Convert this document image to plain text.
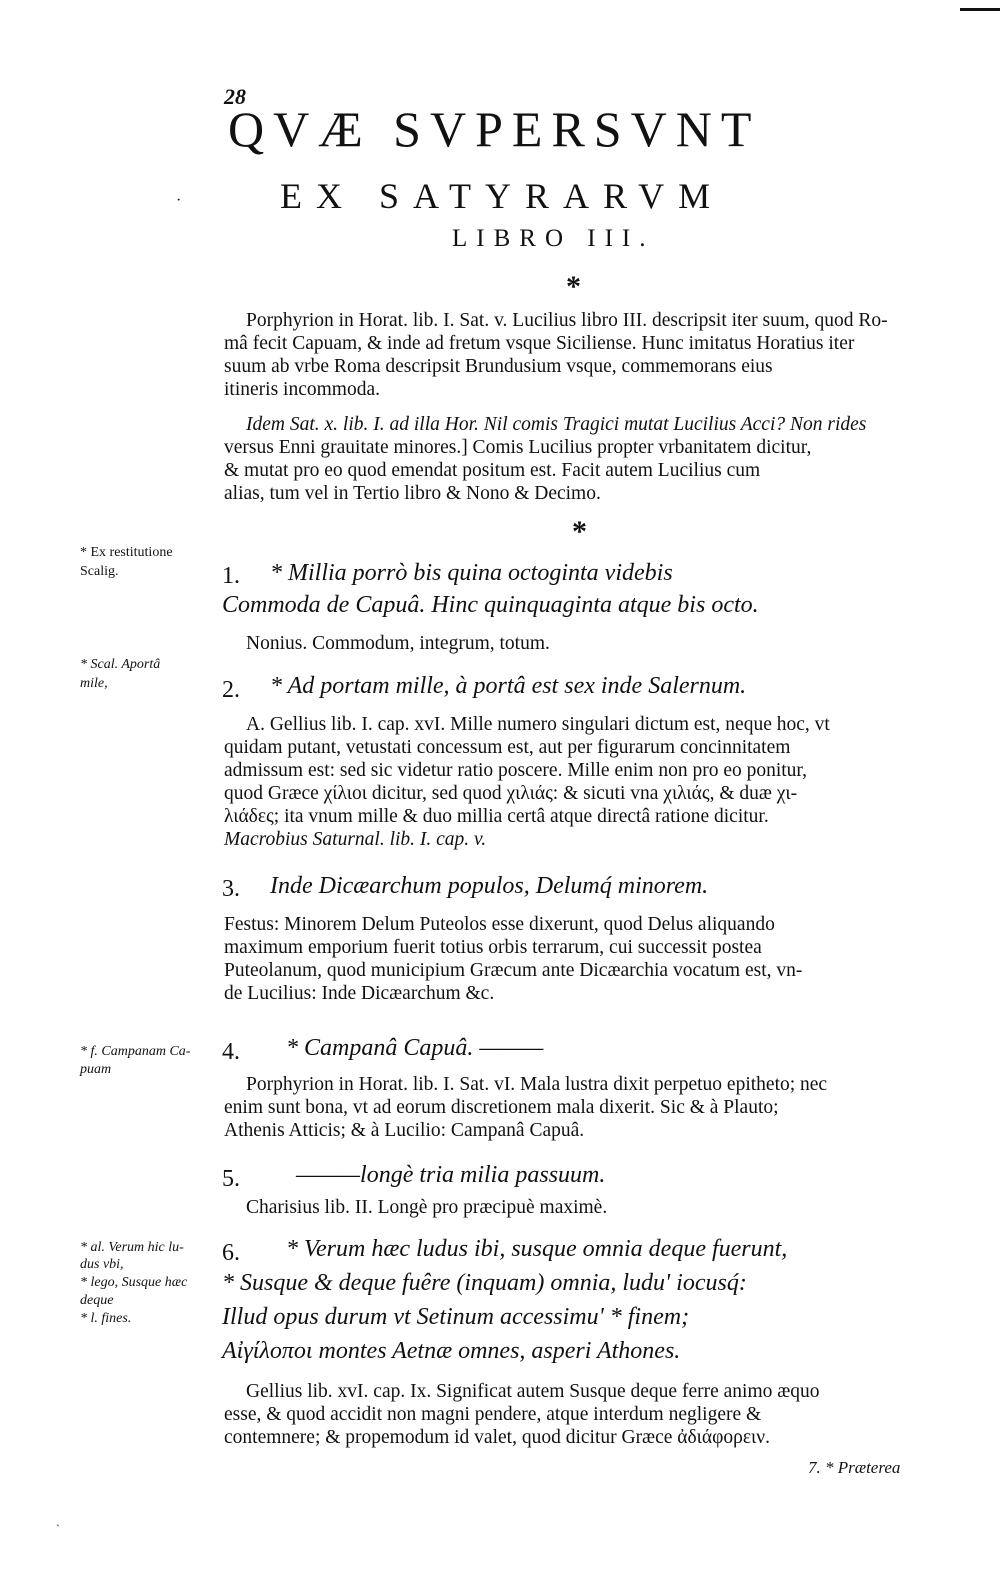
·
28
QVÆ SVPERSVNT
EX SATYRARVM
LIBRO III.
*
Porphyrion in Horat. lib. I. Sat. v. Lucilius libro III. descripsit iter suum, quod Ro-
mâ fecit Capuam, & inde ad fretum vsque Siciliense. Hunc imitatus Horatius iter
suum ab vrbe Roma descripsit Brundusium vsque, commemorans eius
itineris incommoda.
Idem Sat. x. lib. I. ad illa Hor. Nil comis Tragici mutat Lucilius Acci? Non rides
versus Enni grauitate minores.] Comis Lucilius propter vrbanitatem dicitur,
& mutat pro eo quod emendat positum est. Facit autem Lucilius cum
alias, tum vel in Tertio libro & Nono & Decimo.
*
* Ex restitutione
Scalig.
* Scal. Aportâ
mile,
* f. Campanam Ca-
puam
* al. Verum hic lu-
dus vbi,
* lego, Susque hæc
deque
* l. fines.
1. * Millia porrò bis quina octoginta videbis
Commoda de Capuâ. Hinc quinquaginta atque bis octo.
Nonius. Commodum, integrum, totum.
2. * Ad portam mille, à portâ est sex inde Salernum.
A. Gellius lib. I. cap. xvI. Mille numero singulari dictum est, neque hoc, vt
quidam putant, vetustati concessum est, aut per figurarum concinnitatem
admissum est: sed sic videtur ratio poscere. Mille enim non pro eo ponitur,
quod Græce χίλιοι dicitur, sed quod χιλιάς: & sicuti vna χιλιάς, & duæ χι-
λιάδες; ita vnum mille & duo millia certâ atque directâ ratione dicitur.
Macrobius Saturnal. lib. I. cap. v.
3. Inde Dicæarchum populos, Delumq́ minorem.
Festus: Minorem Delum Puteolos esse dixerunt, quod Delus aliquando
maximum emporium fuerit totius orbis terrarum, cui successit postea
Puteolanum, quod municipium Græcum ante Dicæarchia vocatum est, vn-
de Lucilius: Inde Dicæarchum &c.
4. * Campanâ Capuâ. ———
Porphyrion in Horat. lib. I. Sat. vI. Mala lustra dixit perpetuo epitheto; nec
enim sunt bona, vt ad eorum discretionem mala dixerit. Sic & à Plauto;
Athenis Atticis; & à Lucilio: Campanâ Capuâ.
5. ———longè tria milia passuum.
Charisius lib. II. Longè pro præcipuè maximè.
6. * Verum hæc ludus ibi, susque omnia deque fuerunt,
* Susque & deque fuêre (inquam) omnia, ludu' iocusq́:
Illud opus durum vt Setinum accessimu' * finem;
Αἰγίλοποι montes Aetnæ omnes, asperi Athones.
Gellius lib. xvI. cap. Ix. Significat autem Susque deque ferre animo æquo
esse, & quod accidit non magni pendere, atque interdum negligere &
contemnere; & propemodum id valet, quod dicitur Græce ἀδιάφορειν.
7. * Præterea
`
